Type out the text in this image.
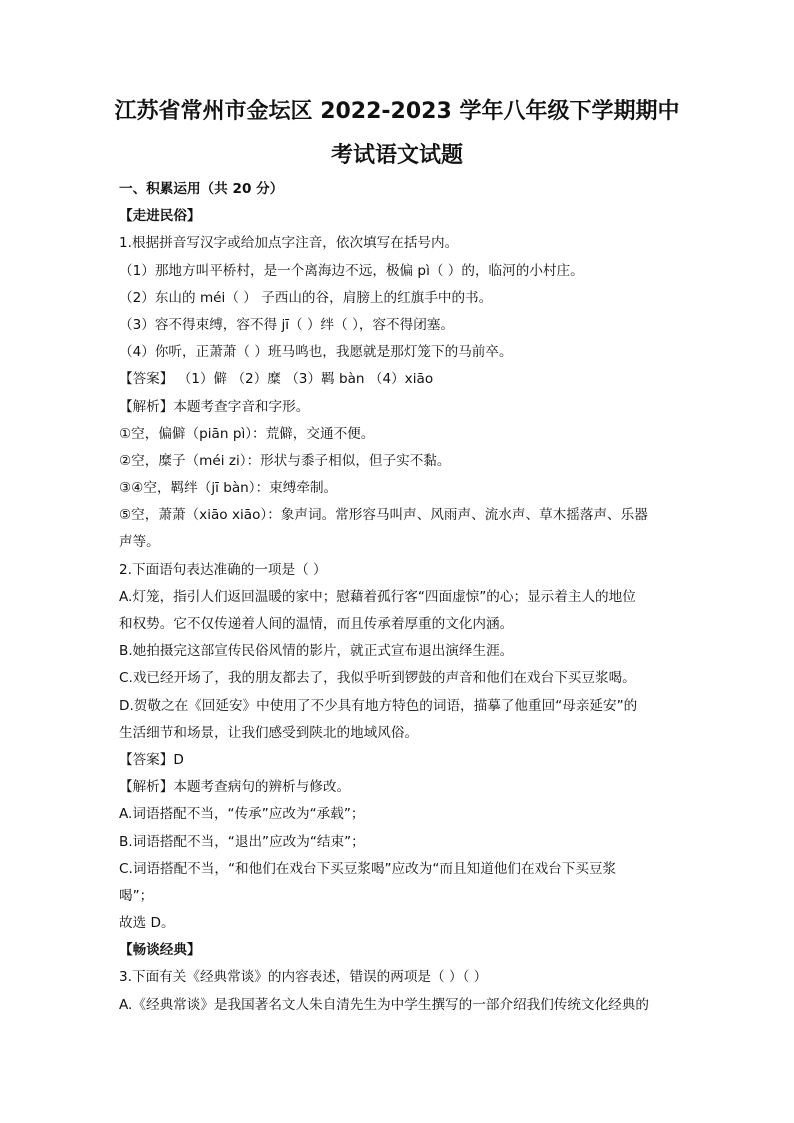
江苏省常州市金坛区 2022-2023 学年八年级下学期期中
考试语文试题
一、积累运用（共 20 分）
【走进民俗】
1.根据拼音写汉字或给加点字注音，依次填写在括号内。
（1）那地方叫平桥村，是一个离海边不远，极偏 pì（ ）的，临河的小村庄。
（2）东山的 méi（ ） 子西山的谷，肩膀上的红旗手中的书。
（3）容不得束缚，容不得 jī（ ）绊（ ），容不得闭塞。
（4）你听，正萧萧（ ）班马鸣也，我愿就是那灯笼下的马前卒。
【答案】 （1）僻 （2）糜 （3）羁 bàn （4）xiāo
【解析】本题考查字音和字形。
①空，偏僻（piān pì）：荒僻，交通不便。
②空，糜子（méi zi）：形状与黍子相似，但子实不黏。
③④空，羁绊（jī bàn）：束缚牵制。
⑤空，萧萧（xiāo xiāo）：象声词。常形容马叫声、风雨声、流水声、草木摇落声、乐器
声等。
2.下面语句表达准确的一项是（ ）
A.灯笼，指引人们返回温暖的家中；慰藉着孤行客“四面虚惊”的心；显示着主人的地位
和权势。它不仅传递着人间的温情，而且传承着厚重的文化内涵。
B.她拍摄完这部宣传民俗风情的影片，就正式宣布退出演绎生涯。
C.戏已经开场了，我的朋友都去了，我似乎听到锣鼓的声音和他们在戏台下买豆浆喝。
D.贺敬之在《回延安》中使用了不少具有地方特色的词语，描摹了他重回“母亲延安”的
生活细节和场景，让我们感受到陕北的地域风俗。
【答案】D
【解析】本题考查病句的辨析与修改。
A.词语搭配不当，“传承”应改为“承载”；
B.词语搭配不当，“退出”应改为“结束”；
C.词语搭配不当，“和他们在戏台下买豆浆喝”应改为“而且知道他们在戏台下买豆浆
喝”；
故选 D。
【畅谈经典】
3.下面有关《经典常谈》的内容表述，错误的两项是（ ）（ ）
A.《经典常谈》是我国著名文人朱自清先生为中学生撰写的一部介绍我们传统文化经典的
